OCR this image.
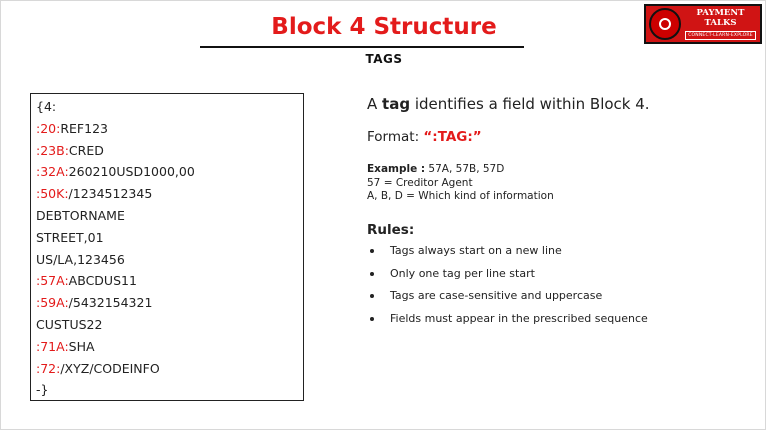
Block 4 Structure
TAGS
PAYMENT TALKS
CONNECT-LEARN-EXPLORE
{4:
:20:REF123
:23B:CRED
:32A:260210USD1000,00
:50K:/1234512345
DEBTORNAME
STREET,01
US/LA,123456
:57A:ABCDUS11
:59A:/5432154321
CUSTUS22
:71A:SHA
:72:/XYZ/CODEINFO
-}
A tag identifies a field within Block 4.
Format: “:TAG:”
Example : 57A, 57B, 57D
57 = Creditor Agent
A, B, D = Which kind of information
Rules:
Tags always start on a new line
Only one tag per line start
Tags are case-sensitive and uppercase
Fields must appear in the prescribed sequence
